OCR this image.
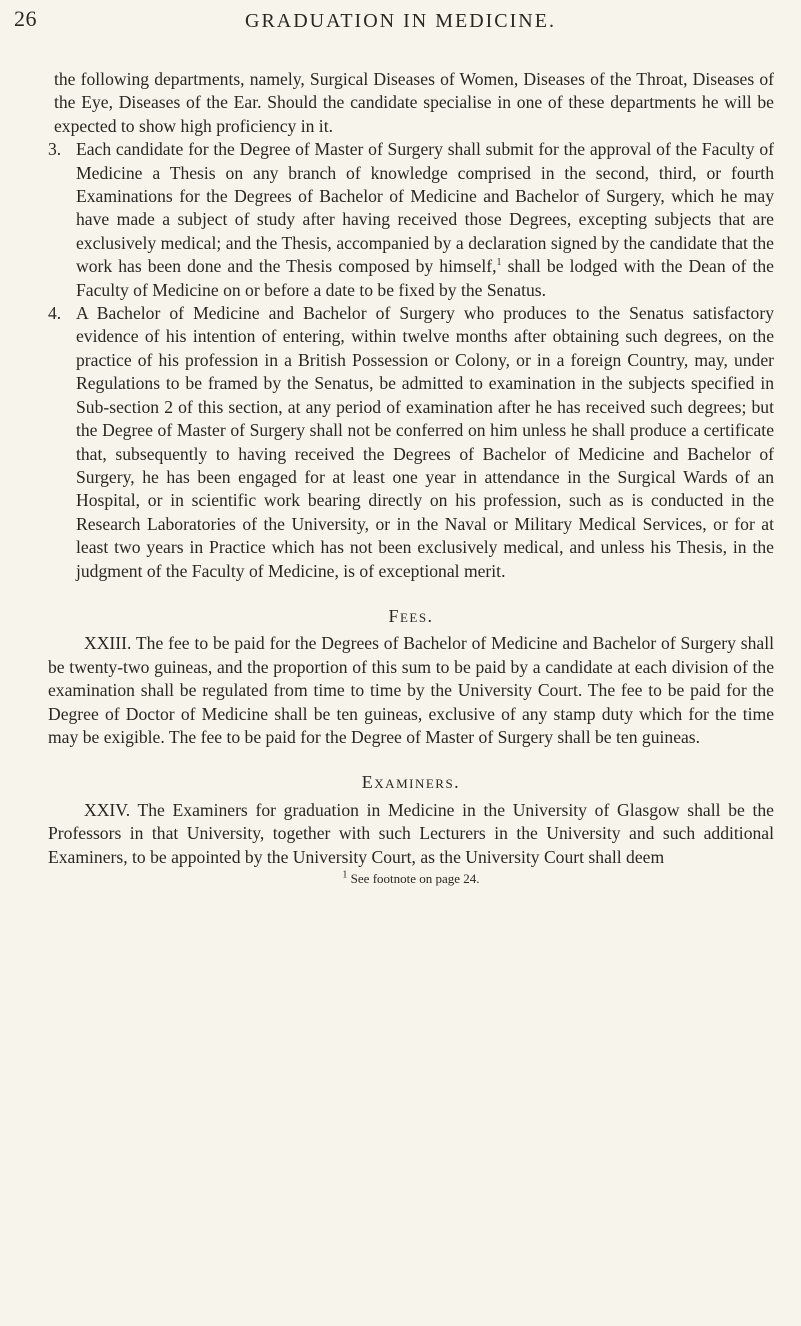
26	GRADUATION IN MEDICINE.

the following departments, namely, Surgical Diseases of Women, Diseases of the Throat, Diseases of the Eye, Diseases of the Ear. Should the candidate specialise in one of these departments he will be expected to show high proficiency in it.

3. Each candidate for the Degree of Master of Surgery shall submit for the approval of the Faculty of Medicine a Thesis on any branch of knowledge comprised in the second, third, or fourth Examinations for the Degrees of Bachelor of Medicine and Bachelor of Surgery, which he may have made a subject of study after having received those Degrees, excepting subjects that are exclusively medical; and the Thesis, accompanied by a declaration signed by the candidate that the work has been done and the Thesis composed by himself,$^1$ shall be lodged with the Dean of the Faculty of Medicine on or before a date to be fixed by the Senatus.

4. A Bachelor of Medicine and Bachelor of Surgery who produces to the Senatus satisfactory evidence of his intention of entering, within twelve months after obtaining such degrees, on the practice of his profession in a British Possession or Colony, or in a foreign Country, may, under Regulations to be framed by the Senatus, be admitted to examination in the subjects specified in Sub-section 2 of this section, at any period of examination after he has received such degrees; but the Degree of Master of Surgery shall not be conferred on him unless he shall produce a certificate that, subsequently to having received the Degrees of Bachelor of Medicine and Bachelor of Surgery, he has been engaged for at least one year in attendance in the Surgical Wards of an Hospital, or in scientific work bearing directly on his profession, such as is conducted in the Research Laboratories of the University, or in the Naval or Military Medical Services, or for at least two years in Practice which has not been exclusively medical, and unless his Thesis, in the judgment of the Faculty of Medicine, is of exceptional merit.

Fees.

XXIII. The fee to be paid for the Degrees of Bachelor of Medicine and Bachelor of Surgery shall be twenty-two guineas, and the proportion of this sum to be paid by a candidate at each division of the examination shall be regulated from time to time by the University Court. The fee to be paid for the Degree of Doctor of Medicine shall be ten guineas, exclusive of any stamp duty which for the time may be exigible. The fee to be paid for the Degree of Master of Surgery shall be ten guineas.

Examiners.

XXIV. The Examiners for graduation in Medicine in the University of Glasgow shall be the Professors in that University, together with such Lecturers in the University and such additional Examiners, to be appointed by the University Court, as the University Court shall deem

$^1$ See footnote on page 24.
